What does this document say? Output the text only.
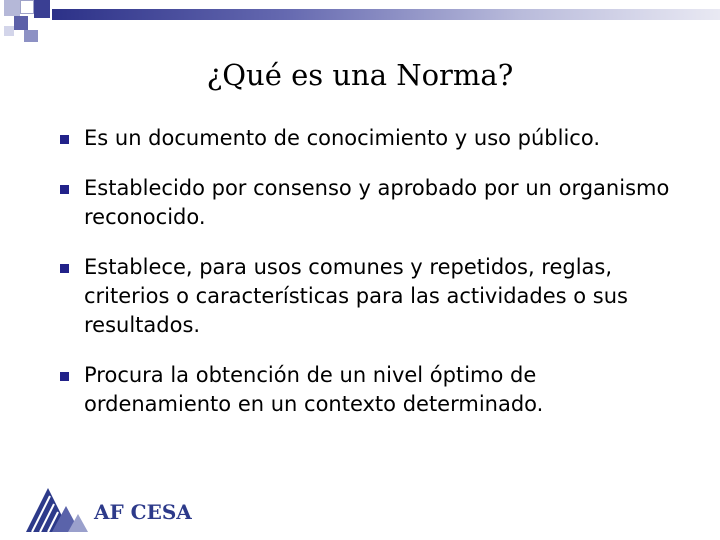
¿Qué es una Norma?
Es un documento de conocimiento y uso público.
Establecido por consenso y aprobado por un organismo reconocido.
Establece, para usos comunes y repetidos, reglas, criterios o características para las actividades o sus resultados.
Procura la obtención de un nivel óptimo de ordenamiento en un contexto determinado.
AF CESA
